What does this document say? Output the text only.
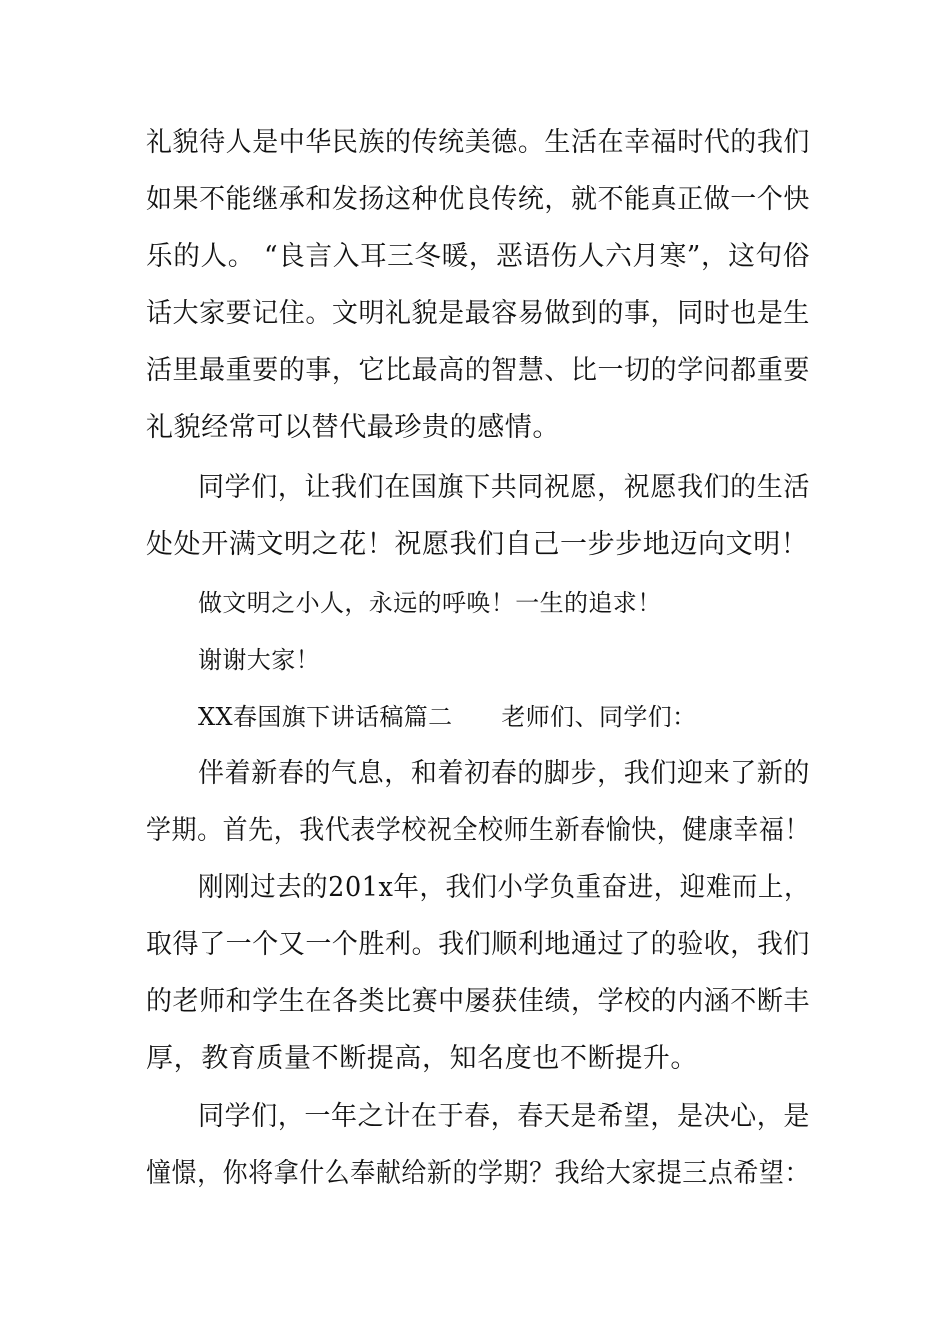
礼貌待人是中华民族的传统美德。生活在幸福时代的我们
如果不能继承和发扬这种优良传统，就不能真正做一个快
乐的人。 “良言入耳三冬暖，恶语伤人六月寒”，这句俗
话大家要记住。文明礼貌是最容易做到的事，同时也是生
活里最重要的事，它比最高的智慧、比一切的学问都重要
礼貌经常可以替代最珍贵的感情。
同学们，让我们在国旗下共同祝愿，祝愿我们的生活
处处开满文明之花！祝愿我们自己一步步地迈向文明！
做文明之小人，永远的呼唤！一生的追求！
谢谢大家！
XX春国旗下讲话稿篇二　　老师们、同学们：
伴着新春的气息，和着初春的脚步，我们迎来了新的
学期。首先，我代表学校祝全校师生新春愉快，健康幸福！
刚刚过去的201x年，我们小学负重奋进，迎难而上，
取得了一个又一个胜利。我们顺利地通过了的验收，我们
的老师和学生在各类比赛中屡获佳绩，学校的内涵不断丰
厚，教育质量不断提高，知名度也不断提升。
同学们，一年之计在于春，春天是希望，是决心，是
憧憬，你将拿什么奉献给新的学期？我给大家提三点希望：
